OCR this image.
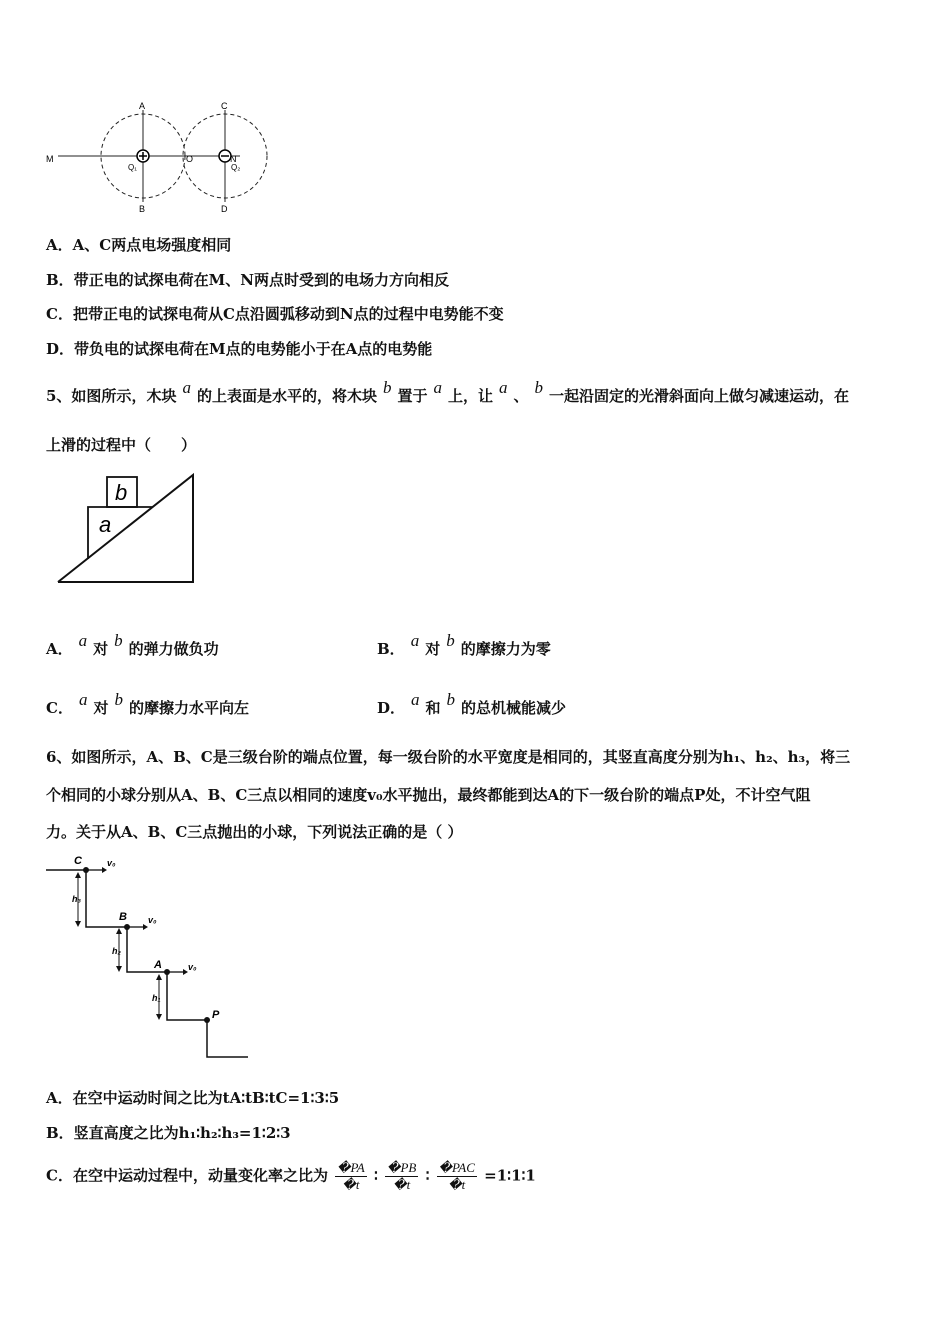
A
B
C
D
M	N
O
Q₁	Q₂
A．A、C两点电场强度相同
B．带正电的试探电荷在M、N两点时受到的电场力方向相反
C．把带正电的试探电荷从C点沿圆弧移动到N点的过程中电势能不变
D．带负电的试探电荷在M点的电势能小于在A点的电势能
5、如图所示，木块 a 的上表面是水平的，将木块 b 置于 a 上，让 a 、 b 一起沿固定的光滑斜面向上做匀减速运动，在
上滑的过程中（　　）
a
b
A． a 对 b 的弹力做负功	B． a 对 b 的摩擦力为零
C． a 对 b 的摩擦力水平向左	D． a 和 b 的总机械能减少
6、如图所示，A、B、C是三级台阶的端点位置，每一级台阶的水平宽度是相同的，其竖直高度分别为h₁、h₂、h₃，将三
个相同的小球分别从A、B、C三点以相同的速度v₀水平抛出，最终都能到达A的下一级台阶的端点P处，不计空气阻
力。关于从A、B、C三点抛出的小球，下列说法正确的是（ ）
C
B
A
P
v₀
v₀
v₀
h₃
h₂
h₁
A．在空中运动时间之比为tA∶tB∶tC=1∶3∶5
B．竖直高度之比为h₁∶h₂∶h₃=1∶2∶3
C．在空中运动过程中，动量变化率之比为 $\frac{�PA}{�t}$ ∶ $\frac{�PB}{�t}$ ∶ $\frac{\text{�PAC}}{�t}$ =1∶1∶1
